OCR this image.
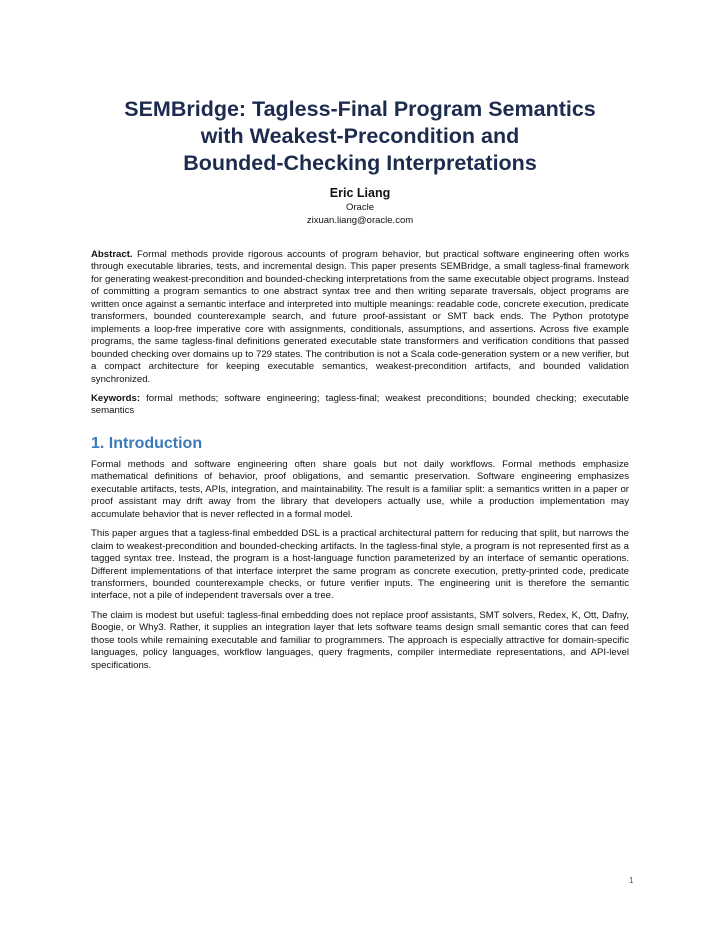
SEMBridge: Tagless-Final Program Semantics
with Weakest-Precondition and
Bounded-Checking Interpretations
Eric Liang
Oracle
zixuan.liang@oracle.com
Abstract. Formal methods provide rigorous accounts of program behavior, but practical software engineering often works through executable libraries, tests, and incremental design. This paper presents SEMBridge, a small tagless-final framework for generating weakest-precondition and bounded-checking interpretations from the same executable object programs. Instead of committing a program semantics to one abstract syntax tree and then writing separate traversals, object programs are written once against a semantic interface and interpreted into multiple meanings: readable code, concrete execution, predicate transformers, bounded counterexample search, and future proof-assistant or SMT back ends. The Python prototype implements a loop-free imperative core with assignments, conditionals, assumptions, and assertions. Across five example programs, the same tagless-final definitions generated executable state transformers and verification conditions that passed bounded checking over domains up to 729 states. The contribution is not a Scala code-generation system or a new verifier, but a compact architecture for keeping executable semantics, weakest-precondition artifacts, and bounded validation synchronized.
Keywords: formal methods; software engineering; tagless-final; weakest preconditions; bounded checking; executable semantics
1. Introduction

Formal methods and software engineering often share goals but not daily workflows. Formal methods emphasize mathematical definitions of behavior, proof obligations, and semantic preservation. Software engineering emphasizes executable artifacts, tests, APIs, integration, and maintainability. The result is a familiar split: a semantics written in a paper or proof assistant may drift away from the library that developers actually use, while a production implementation may accumulate behavior that is never reflected in a formal model.

This paper argues that a tagless-final embedded DSL is a practical architectural pattern for reducing that split, but narrows the claim to weakest-precondition and bounded-checking artifacts. In the tagless-final style, a program is not represented first as a tagged syntax tree. Instead, the program is a host-language function parameterized by an interface of semantic operations. Different implementations of that interface interpret the same program as concrete execution, pretty-printed code, predicate transformers, bounded counterexample checks, or future verifier inputs. The engineering unit is therefore the semantic interface, not a pile of independent traversals over a tree.

The claim is modest but useful: tagless-final embedding does not replace proof assistants, SMT solvers, Redex, K, Ott, Dafny, Boogie, or Why3. Rather, it supplies an integration layer that lets software teams design small semantic cores that can feed those tools while remaining executable and familiar to programmers. The approach is especially attractive for domain-specific languages, policy languages, workflow languages, query fragments, compiler intermediate representations, and API-level specifications.

1
